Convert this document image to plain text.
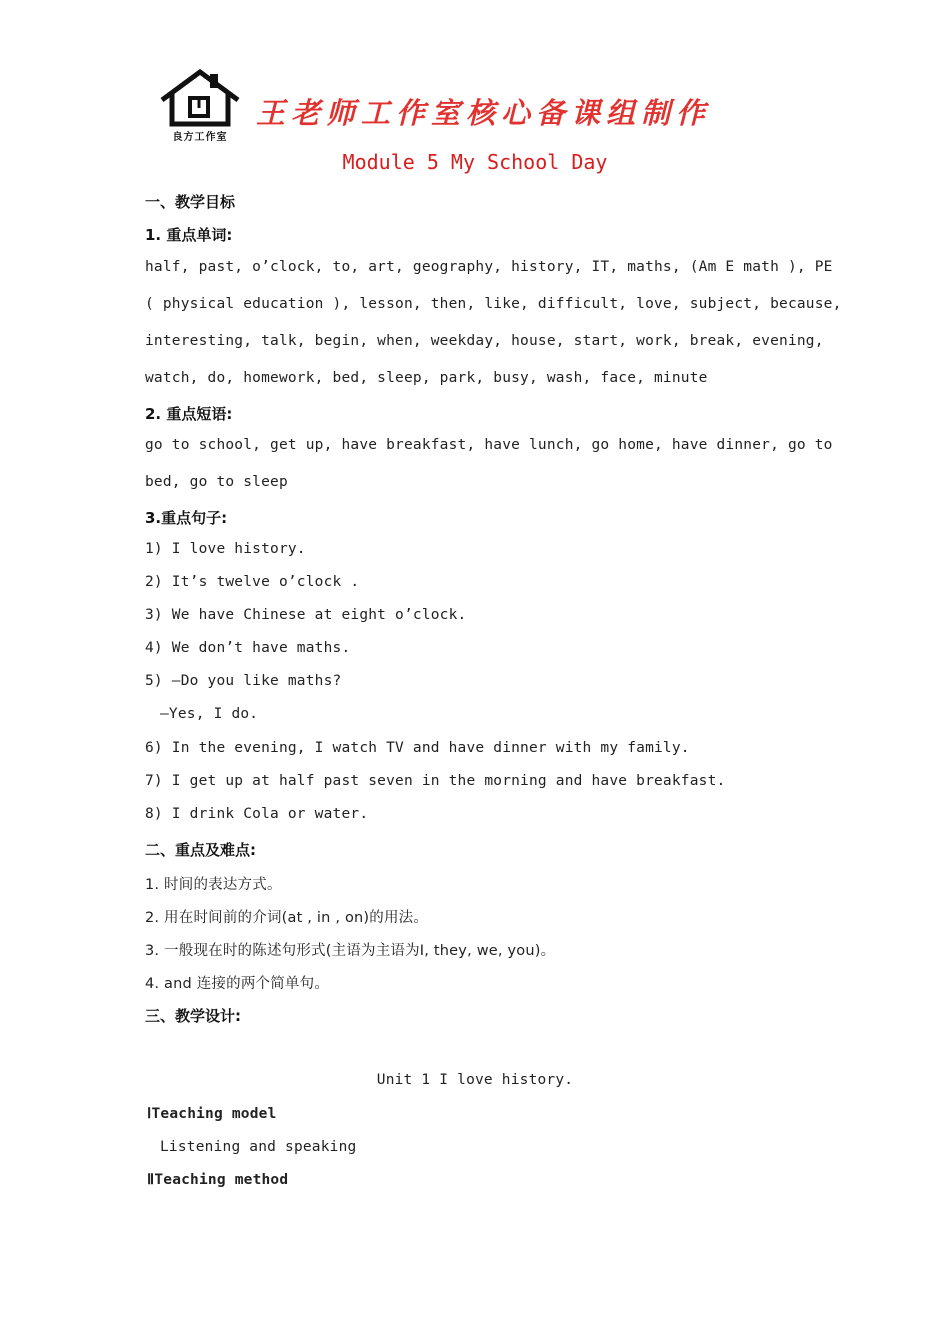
良方工作室
王老师工作室核心备课组制作
Module 5 My School Day
一、教学目标
1. 重点单词:
half, past, o’clock, to, art, geography, history, IT, maths, (Am E math ), PE
( physical education ), lesson, then, like, difficult, love, subject, because,
interesting, talk, begin, when, weekday, house, start, work, break, evening,
watch, do, homework, bed, sleep, park, busy, wash, face, minute
2. 重点短语:
go to school, get up, have breakfast, have lunch, go home, have dinner, go to
bed, go to sleep
3.重点句子:
1) I love history.
2) It’s twelve o’clock .
3) We have Chinese at eight o’clock.
4) We don’t have maths.
5) —Do you like maths?
—Yes, I do.
6) In the evening, I watch TV and have dinner with my family.
7) I get up at half past seven in the morning and have breakfast.
8) I drink Cola or water.
二、重点及难点:
1. 时间的表达方式。
2. 用在时间前的介词(at , in , on)的用法。
3. 一般现在时的陈述句形式(主语为主语为I, they, we, you)。
4. and 连接的两个简单句。
三、教学设计:
Unit 1 I love history.
ⅠTeaching model
Listening and speaking
ⅡTeaching method
